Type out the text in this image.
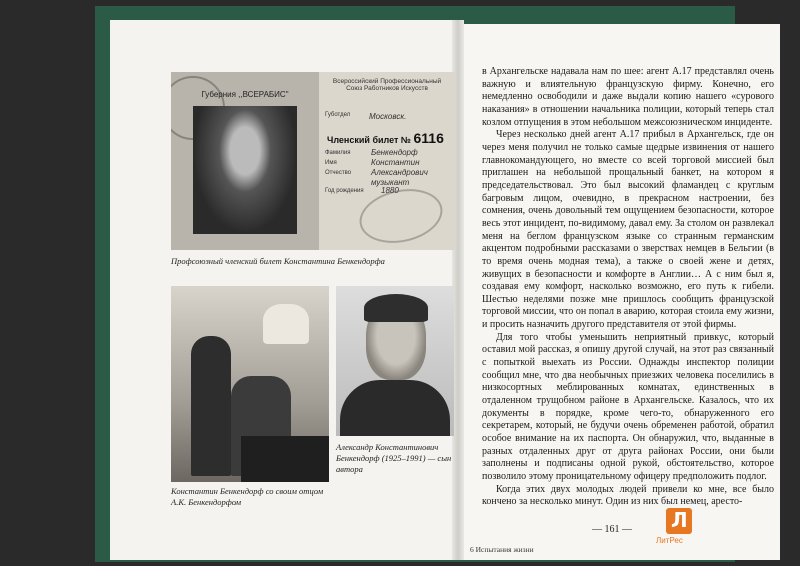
Губерния ,,ВСЕРАБИС"
Всероссийский Профессиональный Союз Работников Искусств
Губотдел Московск.
Членский билет № 6116
Фамилия	Бенкендорф
Имя	Константин
Отчество Александрович
музыкант
Год рождения 1880
Профсоюзный членский билет Константина Бенкендорфа
Константин Бенкендорф со своим отцом А.К. Бенкендорфом
Александр Константинович Бенкендорф (1925–1991) — сын автора

в Архангельске надавала нам по шее: агент А.17 представлял очень важную и влиятельную французскую фирму. Конечно, его немедленно освободили и даже выдали копию нашего «сурового наказания» в отношении начальника полиции, который теперь стал козлом отпущения в этом небольшом межсоюзническом инциденте.

Через несколько дней агент А.17 прибыл в Архангельск, где он через меня получил не только самые щедрые извинения от нашего главнокомандующего, но вместе со всей торговой миссией был приглашен на небольшой прощальный банкет, на котором я председательствовал. Это был высокий фламандец с круглым багровым лицом, очевидно, в прекрасном настроении, без сомнения, очень довольный тем ощущением безопасности, которое весь этот инцидент, по-видимому, давал ему. За столом он развлекал меня на беглом французском языке со странным германским акцентом подробными рассказами о зверствах немцев в Бельгии (в то время очень модная тема), а также о своей жене и детях, живущих в безопасности и комфорте в Англии… А с ним был я, создавая ему комфорт, насколько возможно, его путь к гибели. Шестью неделями позже мне пришлось сообщить французской торговой миссии, что он попал в аварию, которая стоила ему жизни, и просить назначить другого представителя от этой фирмы.

Для того чтобы уменьшить неприятный привкус, который оставил мой рассказ, я опишу другой случай, на этот раз связанный с попыткой выехать из России. Однажды инспектор полиции сообщил мне, что два необычных приезжих человека поселились в низкосортных меблированных комнатах, единственных в отдаленном трущобном районе в Архангельске. Казалось, что их документы в порядке, кроме чего-то, обнаруженного его секретарем, который, не будучи очень обременен работой, обратил особое внимание на их паспорта. Он обнаружил, что, выданные в разных отдаленных друг от друга районах России, они были заполнены и подписаны одной рукой, обстоятельство, которое позволило этому проницательному офицеру предположить подлог.

Когда этих двух молодых людей привели ко мне, все было кончено за несколько минут. Один из них был немец, аресто-

— 161 —
6 Испытания жизни
Л
ЛитРес
